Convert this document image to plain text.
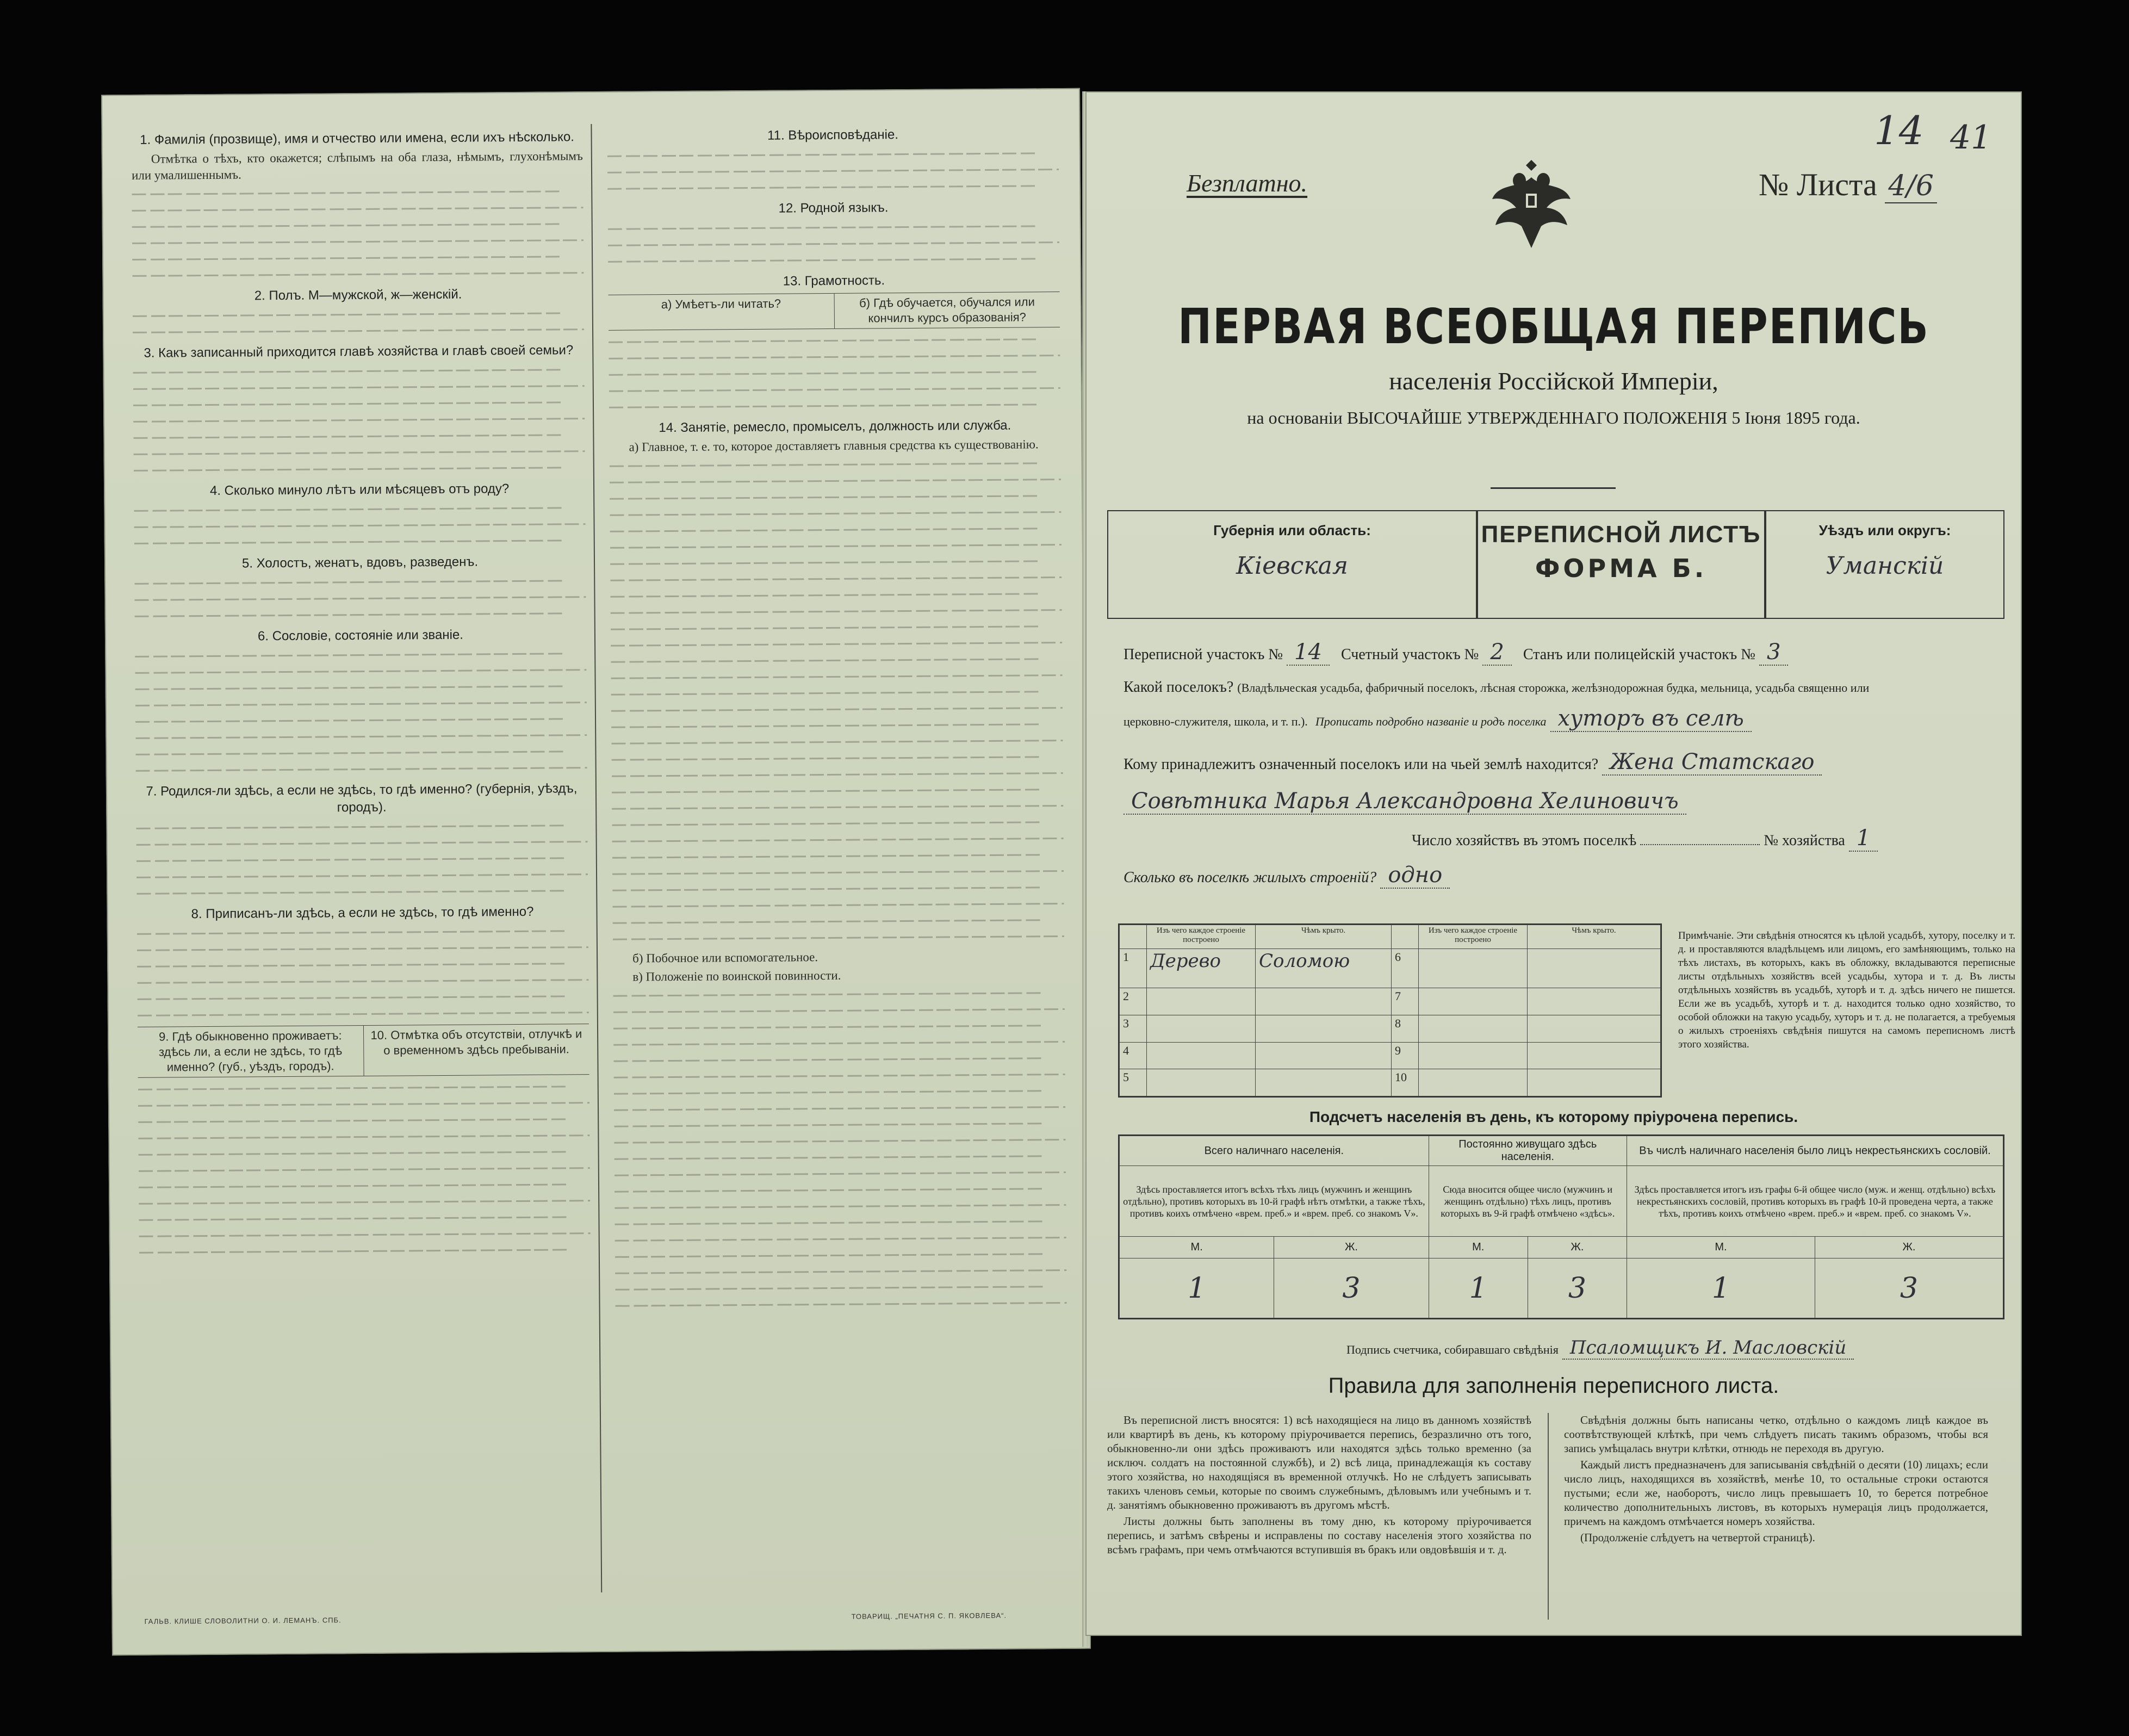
1. Фамилія (прозвище), имя и отчество или имена, если ихъ нѣсколько.

Отмѣтка о тѣхъ, кто окажется; слѣпымъ на оба глаза, нѣмымъ, глухонѣмымъ или умалишеннымъ.

2. Полъ. М—мужской, ж—женскій.
3. Какъ записанный приходится главѣ хозяйства и главѣ своей семьи?
4. Сколько минуло лѣтъ или мѣсяцевъ отъ роду?
5. Холостъ, женатъ, вдовъ, разведенъ.
6. Сословіе, состояніе или званіе.
7. Родился-ли здѣсь, а если не здѣсь, то гдѣ именно? (губернія, уѣздъ, городъ).
8. Приписанъ-ли здѣсь, а если не здѣсь, то гдѣ именно?
9. Гдѣ обыкновенно проживаетъ: здѣсь ли, а если не здѣсь, то гдѣ именно? (губ., уѣздъ, городъ).
10. Отмѣтка объ отсутствіи, отлучкѣ и о временномъ здѣсь пребываніи.
11. Вѣроисповѣданіе.
12. Родной языкъ.
13. Грамотность.
а) Умѣетъ-ли читать?	б) Гдѣ обучается, обучался или кончилъ курсъ образованія?
14. Занятіе, ремесло, промыселъ, должность или служба.

а) Главное, т. е. то, которое доставляетъ главныя средства къ существованію.

б) Побочное или вспомогательное.

в) Положеніе по воинской повинности.

ГАЛЬВ. КЛИШЕ СЛОВОЛИТНИ О. И. ЛЕМАНЪ. СПБ.
ТОВАРИЩ. „ПЕЧАТНЯ С. П. ЯКОВЛЕВА“.
Безплатно.	№ Листа 4/6
14 41
ПЕРВАЯ ВСЕОБЩАЯ ПЕРЕПИСЬ
населенія Россійской Имперіи,
на основаніи ВЫСОЧАЙШЕ УТВЕРЖДЕННАГО ПОЛОЖЕНІЯ 5 Іюня 1895 года.
Губернія или область:
Кіевская
ПЕРЕПИСНОЙ ЛИСТЪ
ФОРМА Б.
Уѣздъ или округъ:
Уманскій
Переписной участокъ № 14 Счетный участокъ № 2 Станъ или полицейскій участокъ № 3
Какой поселокъ? (Владѣльческая усадьба, фабричный поселокъ, лѣсная сторожка, желѣзнодорожная будка, мельница, усадьба священно или
церковно-служителя, школа, и т. п.). Прописать подробно названіе и родъ поселка хуторъ въ селѣ
Кому принадлежитъ означенный поселокъ или на чьей землѣ находится? Жена Статскаго
Совѣтника Марья Александровна Хелиновичъ
Число хозяйствъ въ этомъ поселкѣ	№ хозяйства 1
Сколько въ поселкѣ жилыхъ строеній? одно
	Изъ чего каждое строеніе построено	Чѣмъ крыто.		Изъ чего каждое строеніе построено	Чѣмъ крыто.
1	Дерево	Соломою	6		
2			7		
3			8		
4			9		
5			10		
Примѣчаніе. Эти свѣдѣнія относятся къ цѣлой усадьбѣ, хутору, поселку и т. д. и проставляются владѣльцемъ или лицомъ, его замѣняющимъ, только на тѣхъ листахъ, въ которыхъ, какъ въ обложку, вкладываются переписные листы отдѣльныхъ хозяйствъ всей усадьбы, хутора и т. д. Въ листы отдѣльныхъ хозяйствъ въ усадьбѣ, хуторѣ и т. д. здѣсь ничего не пишется. Если же въ усадьбѣ, хуторѣ и т. д. находится только одно хозяйство, то особой обложки на такую усадьбу, хуторъ и т. д. не полагается, а требуемыя о жилыхъ строеніяхъ свѣдѣнія пишутся на самомъ переписномъ листѣ этого хозяйства.
Подсчетъ населенія въ день, къ которому пріурочена перепись.
Всего наличнаго населенія.		Постоянно живущаго здѣсь населенія.		Въ числѣ наличнаго населенія было лицъ некрестьянскихъ сословій.	
Здѣсь проставляется итогъ всѣхъ тѣхъ лицъ (мужчинъ и женщинъ отдѣльно), противъ которыхъ въ 10-й графѣ нѣтъ отмѣтки, а также тѣхъ, противъ коихъ отмѣчено «врем. преб.» и «врем. преб. со знакомъ V».		Сюда вносится общее число (мужчинъ и женщинъ отдѣльно) тѣхъ лицъ, противъ которыхъ въ 9-й графѣ отмѣчено «здѣсь».		Здѣсь проставляется итогъ изъ графы 6-й общее число (муж. и женщ. отдѣльно) всѣхъ некрестьянскихъ сословій, противъ которыхъ въ графѣ 10-й проведена черта, а также тѣхъ, противъ коихъ отмѣчено «врем. преб.» и «врем. преб. со знакомъ V».	
М.	Ж.	М.	Ж.	М.	Ж.
1	3	1	3	1	3
Подпись счетчика, собиравшаго свѣдѣнія Псаломщикъ И. Масловскій
Правила для заполненія переписного листа.

Въ переписной листъ вносятся: 1) всѣ находящіеся на лицо въ данномъ хозяйствѣ или квартирѣ въ день, къ которому пріурочивается перепись, безразлично отъ того, обыкновенно-ли они здѣсь проживаютъ или находятся здѣсь только временно (за исключ. солдатъ на постоянной службѣ), и 2) всѣ лица, принадлежащія къ составу этого хозяйства, но находящіяся въ временной отлучкѣ. Но не слѣдуетъ записывать такихъ членовъ семьи, которые по своимъ служебнымъ, дѣловымъ или учебнымъ и т. д. занятіямъ обыкновенно проживаютъ въ другомъ мѣстѣ.

Листы должны быть заполнены въ тому дню, къ которому пріурочивается перепись, и затѣмъ свѣрены и исправлены по составу населенія этого хозяйства по всѣмъ графамъ, при чемъ отмѣчаются вступившія въ бракъ или овдовѣвшія и т. д.

Свѣдѣнія должны быть написаны четко, отдѣльно о каждомъ лицѣ каждое въ соотвѣтствующей клѣткѣ, при чемъ слѣдуетъ писать такимъ образомъ, чтобы вся запись умѣщалась внутри клѣтки, отнюдь не переходя въ другую.

Каждый листъ предназначенъ для записыванія свѣдѣній о десяти (10) лицахъ; если число лицъ, находящихся въ хозяйствѣ, менѣе 10, то остальные строки остаются пустыми; если же, наоборотъ, число лицъ превышаетъ 10, то берется потребное количество дополнительныхъ листовъ, въ которыхъ нумерація лицъ продолжается, причемъ на каждомъ отмѣчается номеръ хозяйства.

(Продолженіе слѣдуетъ на четвертой страницѣ).
